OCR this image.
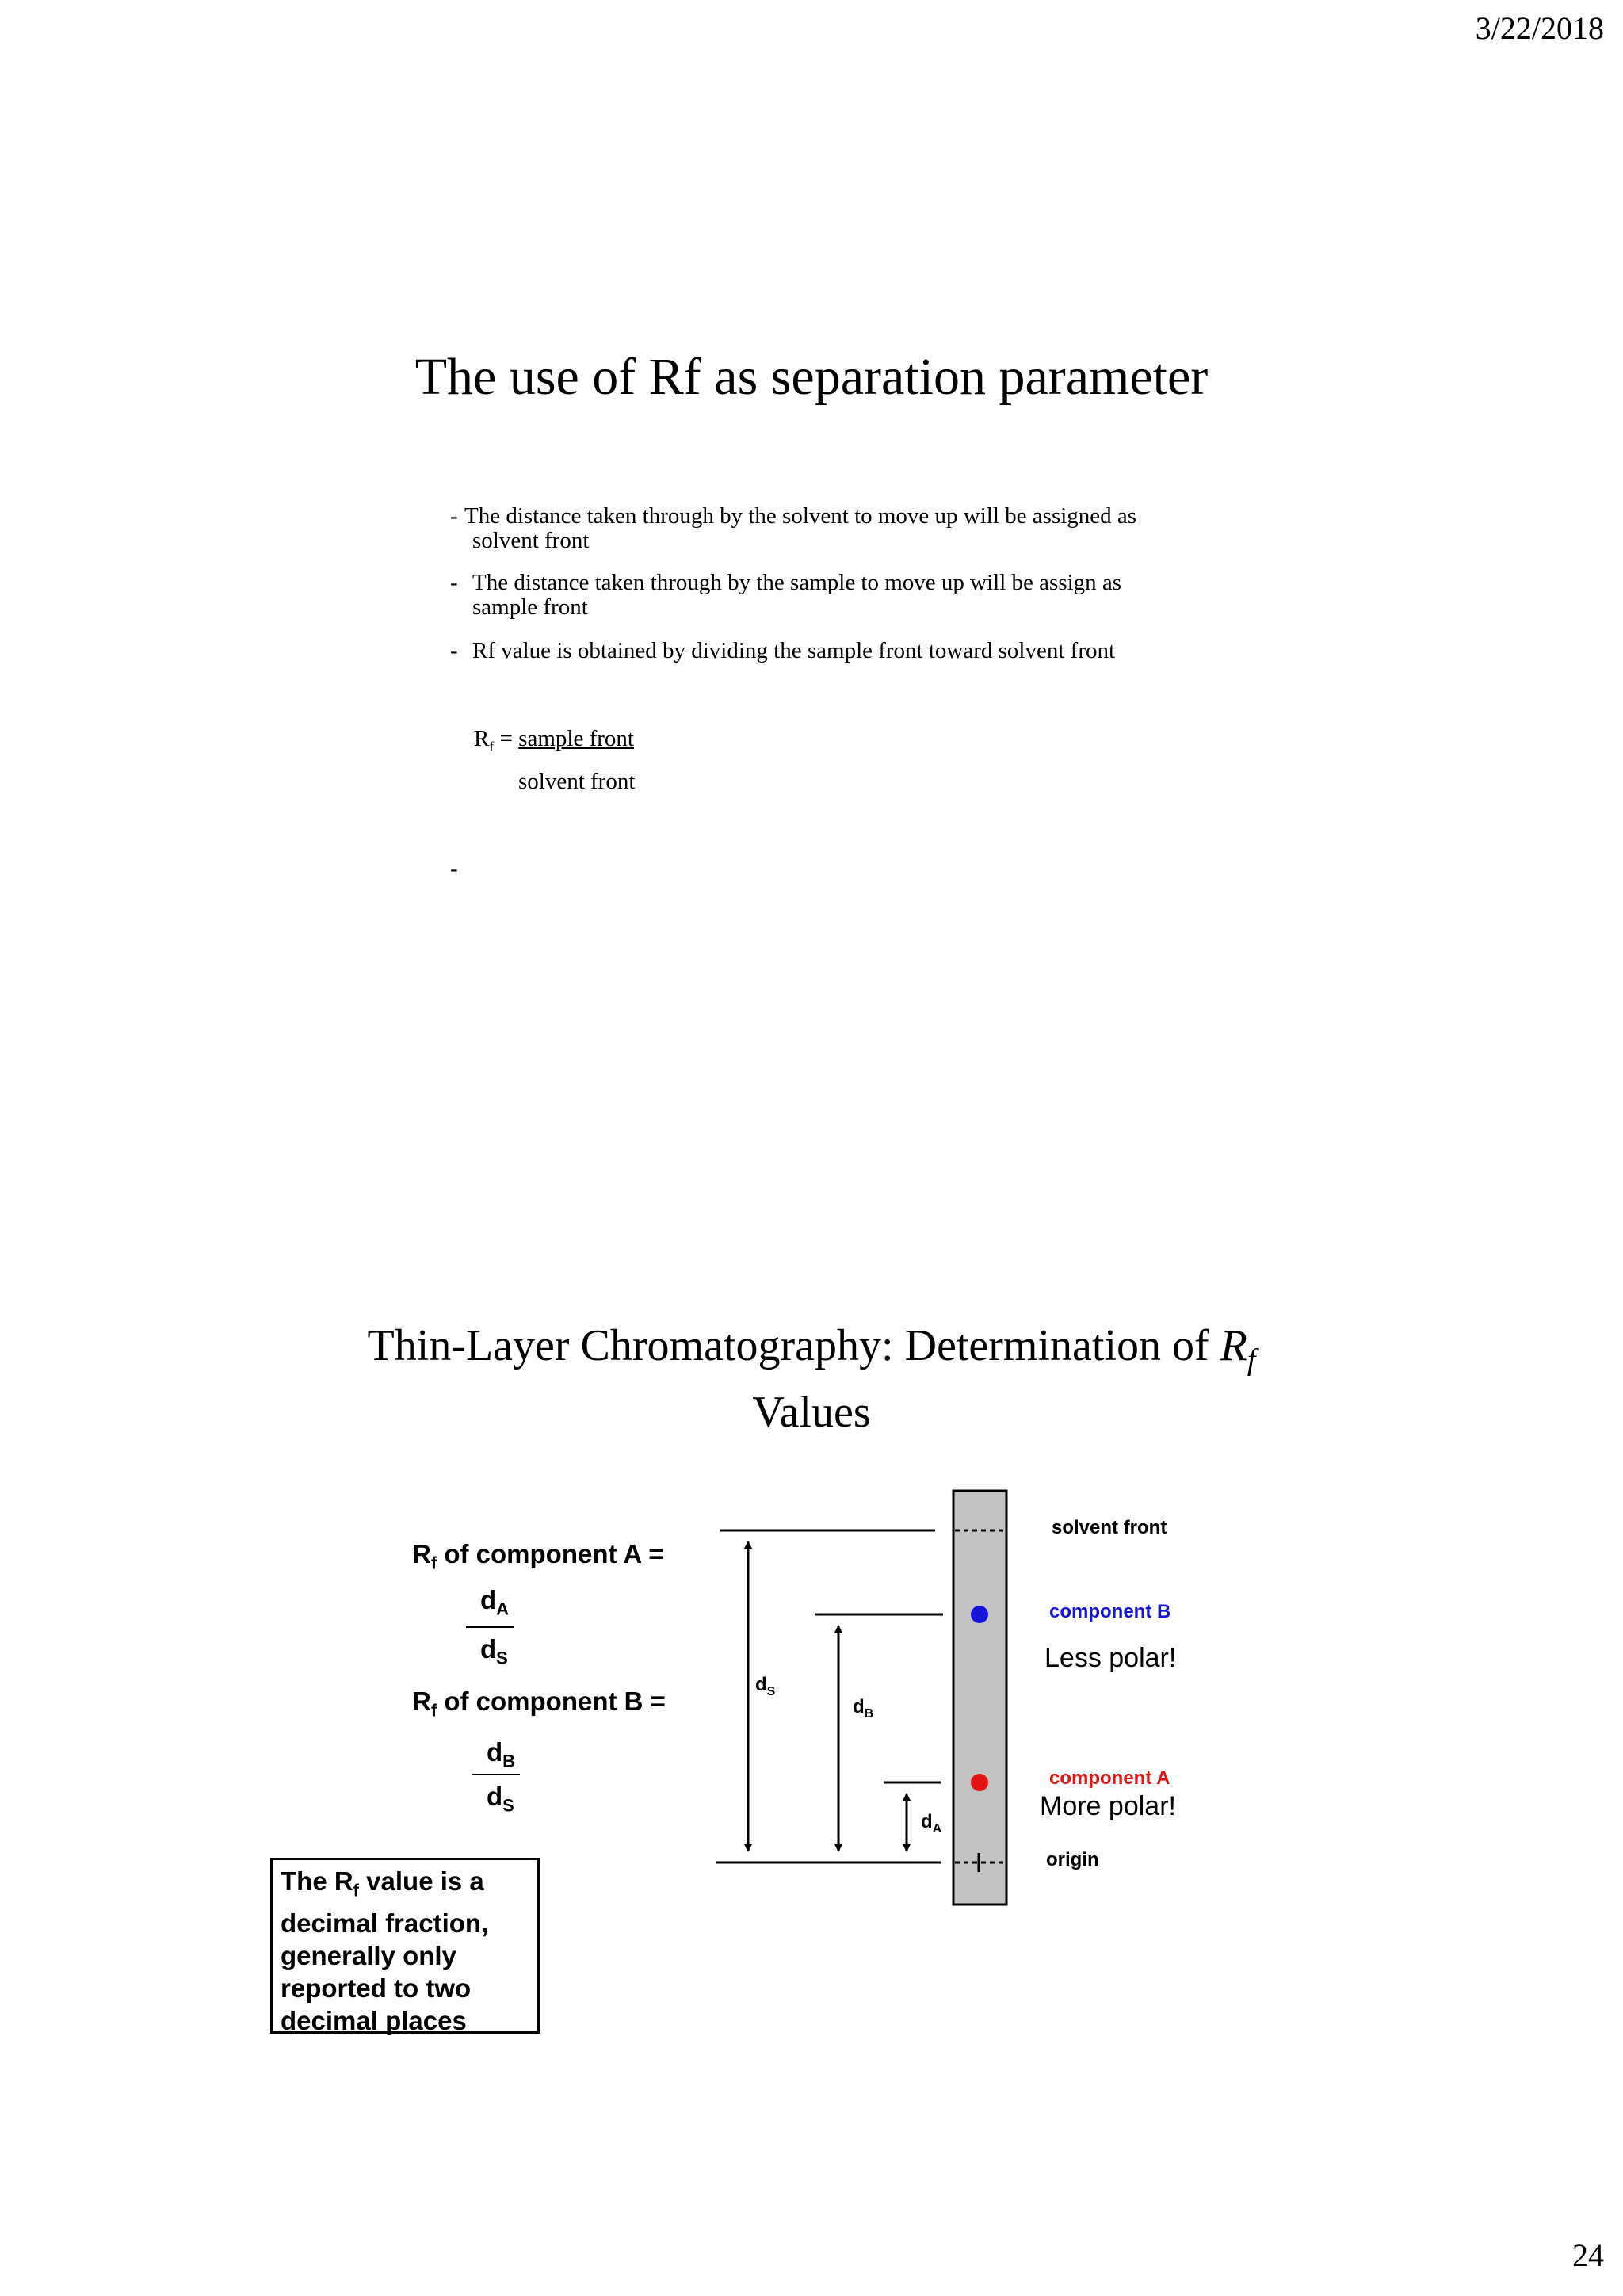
3/22/2018
24
The use of Rf as separation parameter
- The distance taken through by the solvent to move up will be assigned as
solvent front
- The distance taken through by the sample to move up will be assign as
sample front
- Rf value is obtained by dividing the sample front toward solvent front
$R_f$ = sample front
solvent front
-
Thin-Layer Chromatography: Determination of $R_f$
Values
$R_f$ of component A =
$d_A$
$d_S$
$R_f$ of component B =
$d_B$
$d_S$
The $R_f$ value is a
decimal fraction,
generally only
reported to two
decimal places
$d_S$
$d_B$
$d_A$
solvent front
component B
Less polar!
component A
More polar!
origin
